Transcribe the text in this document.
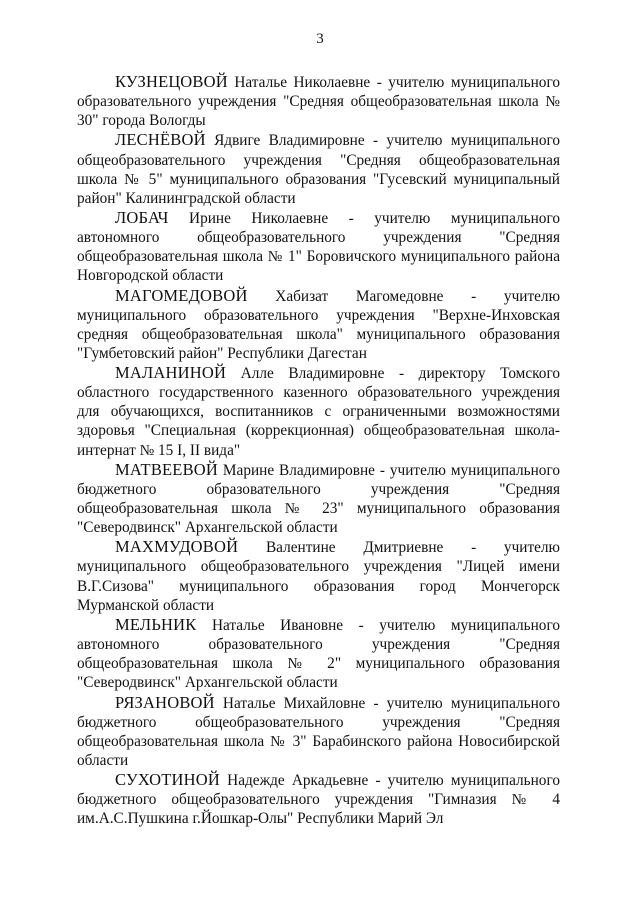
3

КУЗНЕЦОВОЙ Наталье Николаевне - учителю муниципального образовательного учреждения "Средняя общеобразовательная школа № 30" города Вологды

ЛЕСНЁВОЙ Ядвиге Владимировне - учителю муниципального общеобразовательного учреждения "Средняя общеобразовательная школа № 5" муниципального образования "Гусевский муниципальный район" Калининградской области

ЛОБАЧ Ирине Николаевне - учителю муниципального автономного общеобразовательного учреждения "Средняя общеобразовательная школа № 1" Боровичского муниципального района Новгородской области

МАГОМЕДОВОЙ Хабизат Магомедовне - учителю муниципального образовательного учреждения "Верхне-Инховская средняя общеобразовательная школа" муниципального образования "Гумбетовский район" Республики Дагестан

МАЛАНИНОЙ Алле Владимировне - директору Томского областного государственного казенного образовательного учреждения для обучающихся, воспитанников с ограниченными возможностями здоровья "Специальная (коррекционная) общеобразовательная школа-интернат № 15 I, II вида"

МАТВЕЕВОЙ Марине Владимировне - учителю муниципального бюджетного образовательного учреждения "Средняя общеобразовательная школа № 23" муниципального образования "Северодвинск" Архангельской области

МАХМУДОВОЙ Валентине Дмитриевне - учителю муниципального общеобразовательного учреждения "Лицей имени В.Г.Сизова" муниципального образования город Мончегорск Мурманской области

МЕЛЬНИК Наталье Ивановне - учителю муниципального автономного образовательного учреждения "Средняя общеобразовательная школа № 2" муниципального образования "Северодвинск" Архангельской области

РЯЗАНОВОЙ Наталье Михайловне - учителю муниципального бюджетного общеобразовательного учреждения "Средняя общеобразовательная школа № 3" Барабинского района Новосибирской области

СУХОТИНОЙ Надежде Аркадьевне - учителю муниципального бюджетного общеобразовательного учреждения "Гимназия № 4 им.А.С.Пушкина г.Йошкар-Олы" Республики Марий Эл
